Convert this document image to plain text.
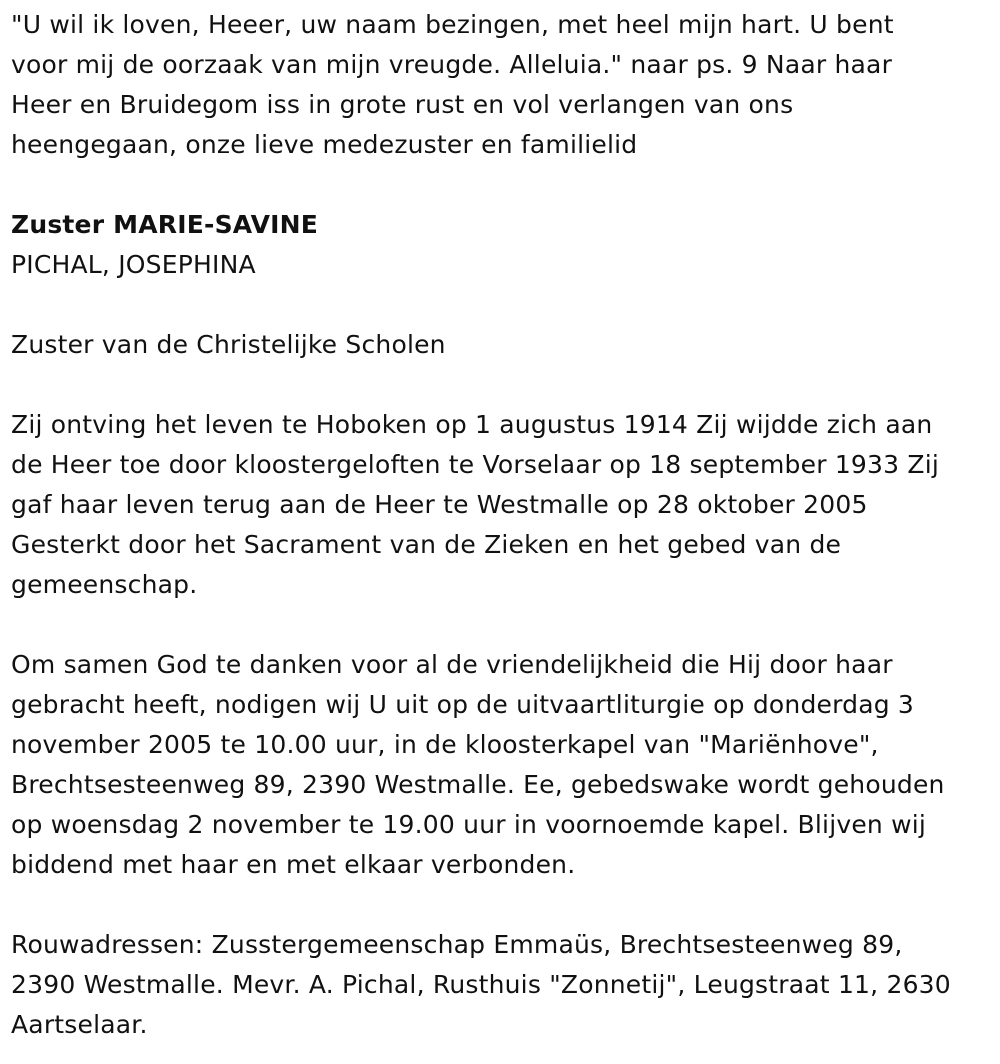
"U wil ik loven, Heeer, uw naam bezingen, met heel mijn hart. U bent
voor mij de oorzaak van mijn vreugde. Alleluia." naar ps. 9 Naar haar
Heer en Bruidegom iss in grote rust en vol verlangen van ons
heengegaan, onze lieve medezuster en familielid
Zuster MARIE-SAVINE
PICHAL, JOSEPHINA
Zuster van de Christelijke Scholen
Zij ontving het leven te Hoboken op 1 augustus 1914 Zij wijdde zich aan
de Heer toe door kloostergeloften te Vorselaar op 18 september 1933 Zij
gaf haar leven terug aan de Heer te Westmalle op 28 oktober 2005
Gesterkt door het Sacrament van de Zieken en het gebed van de
gemeenschap.
Om samen God te danken voor al de vriendelijkheid die Hij door haar
gebracht heeft, nodigen wij U uit op de uitvaartliturgie op donderdag 3
november 2005 te 10.00 uur, in de kloosterkapel van "Mariënhove",
Brechtsesteenweg 89, 2390 Westmalle. Ee, gebedswake wordt gehouden
op woensdag 2 november te 19.00 uur in voornoemde kapel. Blijven wij
biddend met haar en met elkaar verbonden.
Rouwadressen: Zusstergemeenschap Emmaüs, Brechtsesteenweg 89,
2390 Westmalle. Mevr. A. Pichal, Rusthuis "Zonnetij", Leugstraat 11, 2630
Aartselaar.
